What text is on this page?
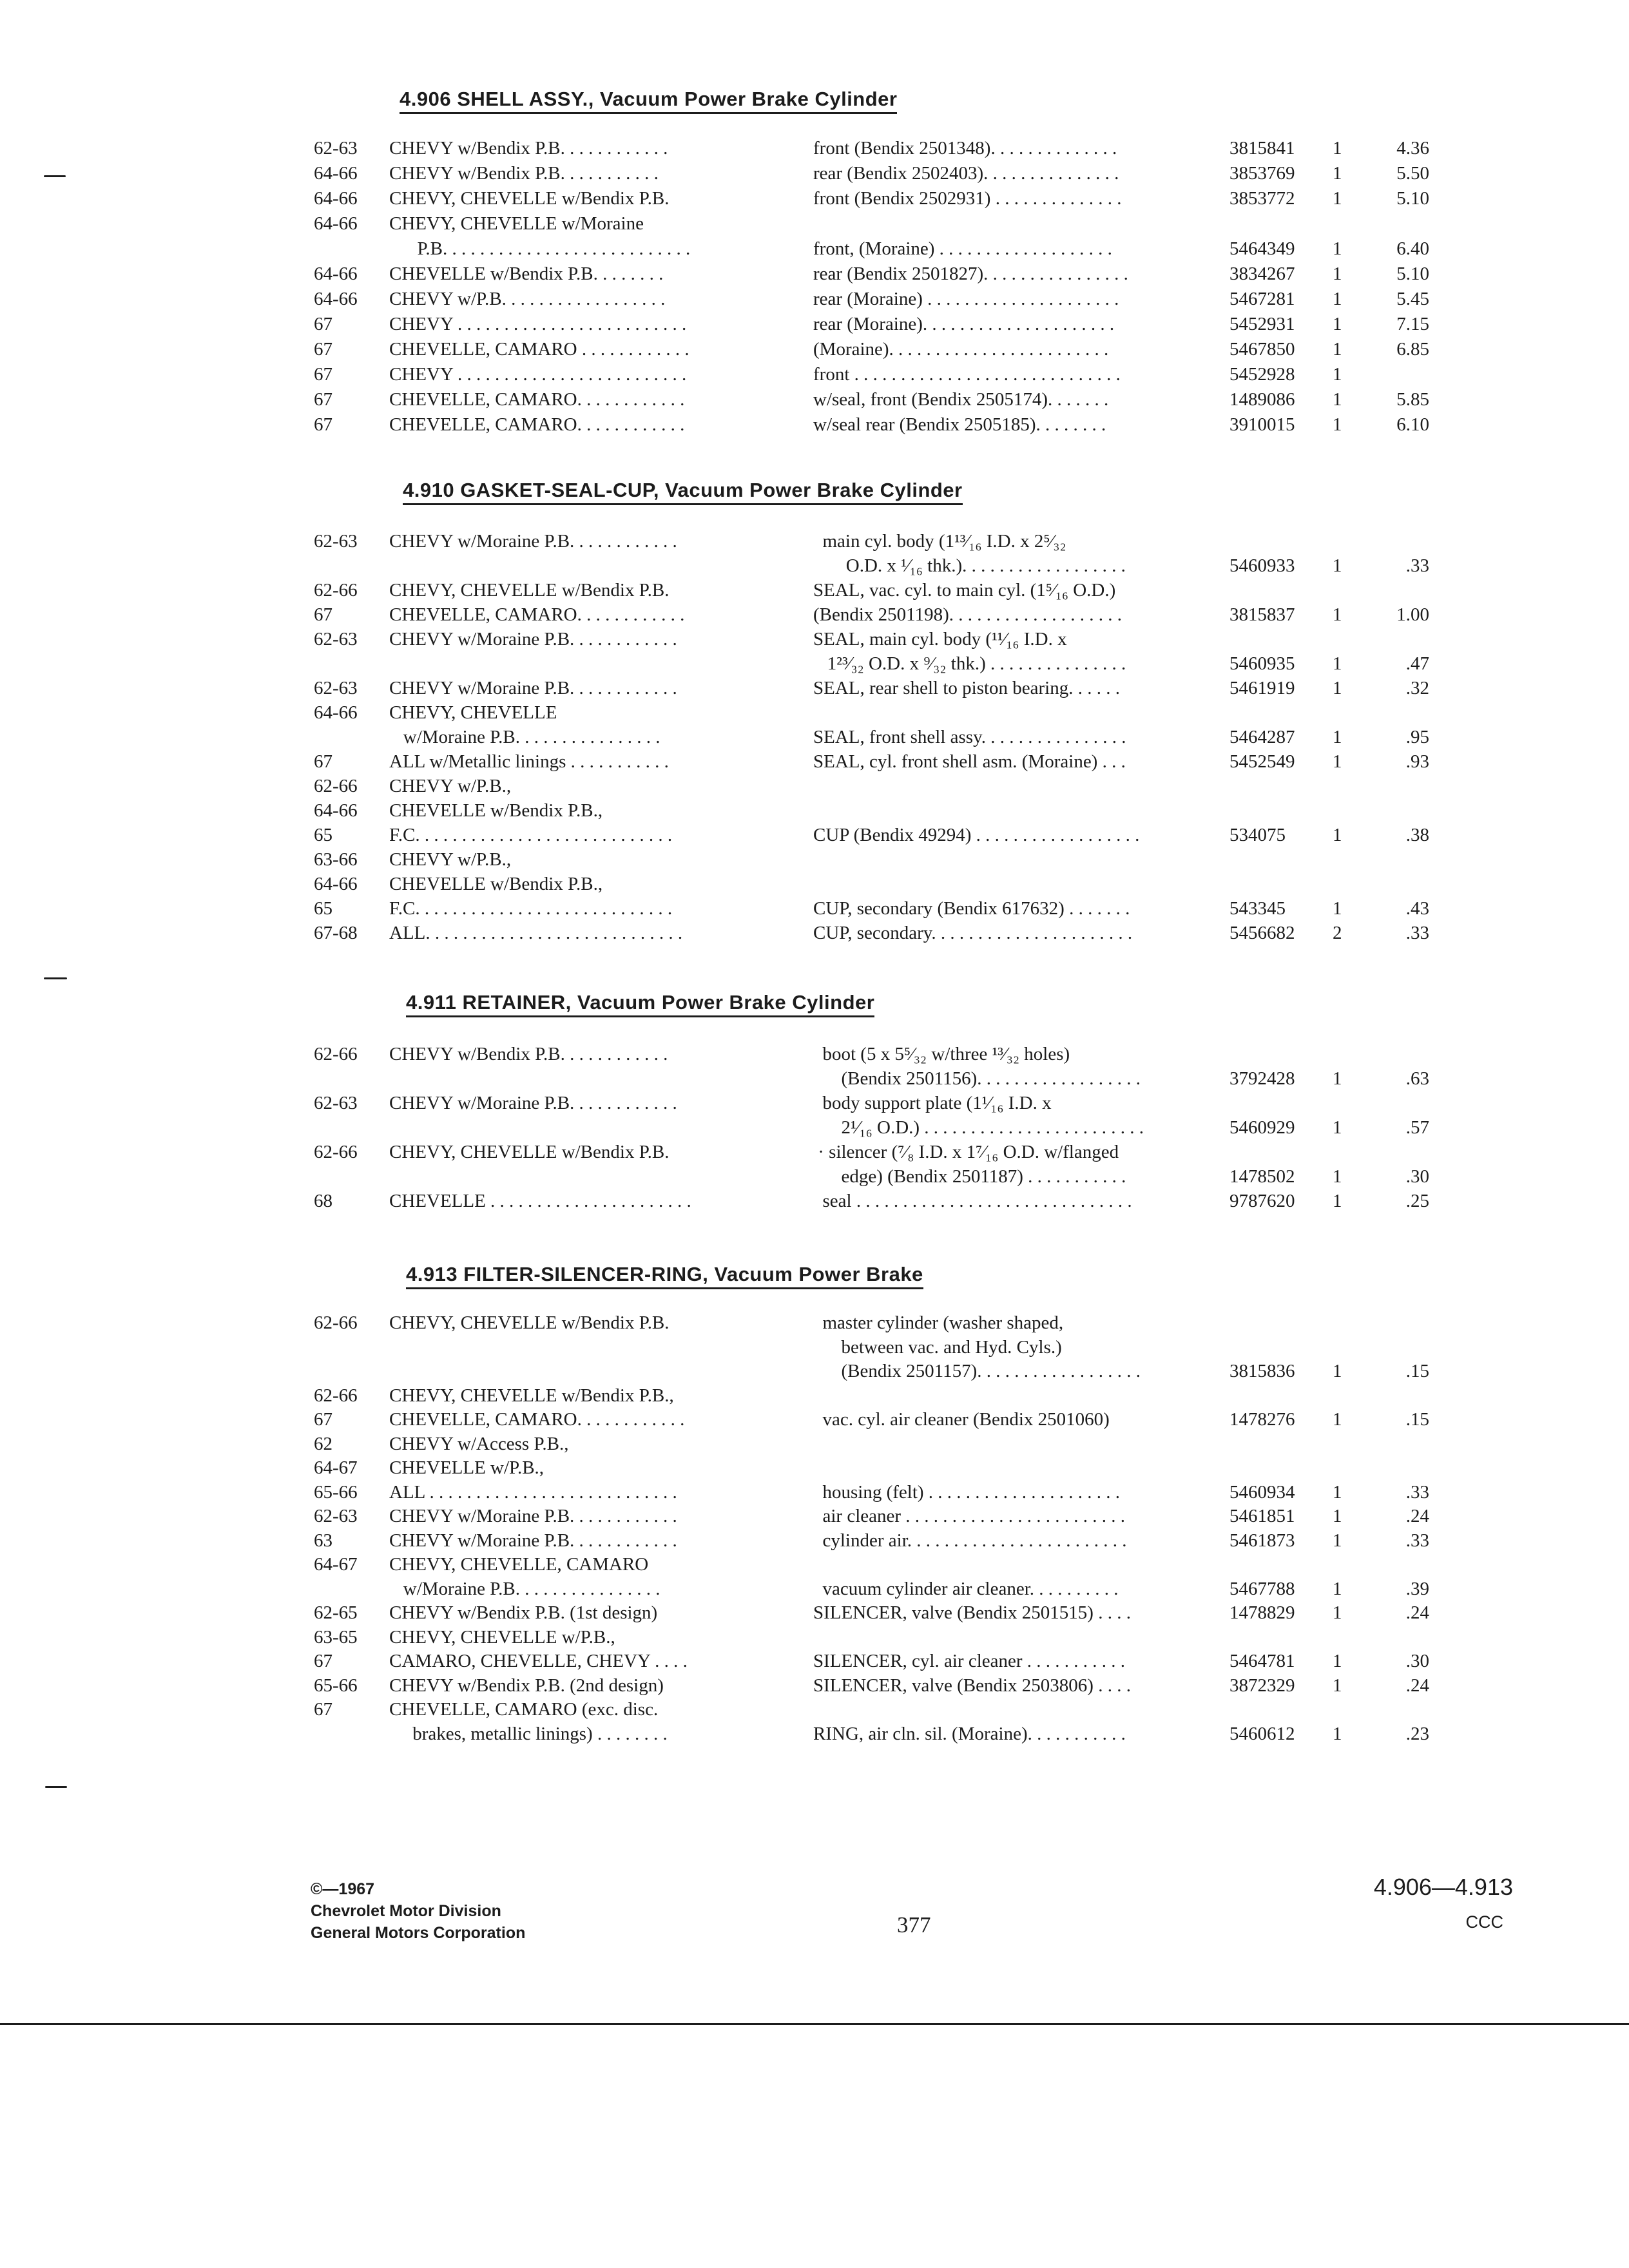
4.906 SHELL ASSY., Vacuum Power Brake Cylinder
4.910 GASKET-SEAL-CUP, Vacuum Power Brake Cylinder
4.911 RETAINER, Vacuum Power Brake Cylinder
4.913 FILTER-SILENCER-RING, Vacuum Power Brake
62-63 CHEVY w/Bendix P.B. . . . . . . . . . . .	front (Bendix 2501348). . . . . . . . . . . . . .	3815841 1	4.36
64-66 CHEVY w/Bendix P.B. . . . . . . . . . .	rear (Bendix 2502403). . . . . . . . . . . . . . .	3853769 1	5.50
64-66 CHEVY, CHEVELLE w/Bendix P.B.	front (Bendix 2502931) . . . . . . . . . . . . . .	3853772 1	5.10
64-66 CHEVY, CHEVELLE w/Moraine
P.B. . . . . . . . . . . . . . . . . . . . . . . . . . .	front, (Moraine) . . . . . . . . . . . . . . . . . . .	5464349 1	6.40
64-66 CHEVELLE w/Bendix P.B. . . . . . . .	rear (Bendix 2501827). . . . . . . . . . . . . . . .	3834267 1	5.10
64-66 CHEVY w/P.B. . . . . . . . . . . . . . . . . .	rear (Moraine) . . . . . . . . . . . . . . . . . . . . .	5467281 1	5.45
67	CHEVY . . . . . . . . . . . . . . . . . . . . . . . . .	rear (Moraine). . . . . . . . . . . . . . . . . . . . .	5452931 1	7.15
67	CHEVELLE, CAMARO . . . . . . . . . . . .	(Moraine). . . . . . . . . . . . . . . . . . . . . . . .	5467850 1	6.85
67	CHEVY . . . . . . . . . . . . . . . . . . . . . . . . .	front . . . . . . . . . . . . . . . . . . . . . . . . . . . . .	5452928 1
67	CHEVELLE, CAMARO. . . . . . . . . . . .	w/seal, front (Bendix 2505174). . . . . . .	1489086 1	5.85
67	CHEVELLE, CAMARO. . . . . . . . . . . .	w/seal rear (Bendix 2505185). . . . . . . .	3910015 1	6.10
62-63 CHEVY w/Moraine P.B. . . . . . . . . . . .	main cyl. body (1¹³⁄₁₆ I.D. x 2⁵⁄₃₂
O.D. x ¹⁄₁₆ thk.). . . . . . . . . . . . . . . . . .	5460933 1	.33
62-66 CHEVY, CHEVELLE w/Bendix P.B.	SEAL, vac. cyl. to main cyl. (1⁵⁄₁₆ O.D.)
67	CHEVELLE, CAMARO. . . . . . . . . . . .	(Bendix 2501198). . . . . . . . . . . . . . . . . . .	3815837 1	1.00
62-63 CHEVY w/Moraine P.B. . . . . . . . . . . .	SEAL, main cyl. body (¹¹⁄₁₆ I.D. x
1²³⁄₃₂ O.D. x ⁹⁄₃₂ thk.) . . . . . . . . . . . . . . .	5460935 1	.47
62-63 CHEVY w/Moraine P.B. . . . . . . . . . . .	SEAL, rear shell to piston bearing. . . . . .	5461919 1	.32
64-66 CHEVY, CHEVELLE
w/Moraine P.B. . . . . . . . . . . . . . . .	SEAL, front shell assy. . . . . . . . . . . . . . . .	5464287 1	.95
67	ALL w/Metallic linings . . . . . . . . . . .	SEAL, cyl. front shell asm. (Moraine) . . .	5452549 1	.93
62-66 CHEVY w/P.B.,
64-66 CHEVELLE w/Bendix P.B.,
65	F.C. . . . . . . . . . . . . . . . . . . . . . . . . . . .	CUP (Bendix 49294) . . . . . . . . . . . . . . . . . .	534075	1	.38
63-66 CHEVY w/P.B.,
64-66 CHEVELLE w/Bendix P.B.,
65	F.C. . . . . . . . . . . . . . . . . . . . . . . . . . . .	CUP, secondary (Bendix 617632) . . . . . . .	543345	1	.43
67-68 ALL. . . . . . . . . . . . . . . . . . . . . . . . . . . .	CUP, secondary. . . . . . . . . . . . . . . . . . . . . .	5456682 2	.33
62-66 CHEVY w/Bendix P.B. . . . . . . . . . . .	boot (5 x 5⁵⁄₃₂ w/three ¹³⁄₃₂ holes)
(Bendix 2501156). . . . . . . . . . . . . . . . . .	3792428 1	.63
62-63 CHEVY w/Moraine P.B. . . . . . . . . . . .	body support plate (1¹⁄₁₆ I.D. x
2¹⁄₁₆ O.D.) . . . . . . . . . . . . . . . . . . . . . . . .	5460929 1	.57
62-66 CHEVY, CHEVELLE w/Bendix P.B.	· silencer (⁷⁄₈ I.D. x 1⁷⁄₁₆ O.D. w/flanged
edge) (Bendix 2501187) . . . . . . . . . . .	1478502 1	.30
68	CHEVELLE . . . . . . . . . . . . . . . . . . . . . .	seal . . . . . . . . . . . . . . . . . . . . . . . . . . . . . .	9787620 1	.25
62-66 CHEVY, CHEVELLE w/Bendix P.B.	master cylinder (washer shaped,
between vac. and Hyd. Cyls.)
(Bendix 2501157). . . . . . . . . . . . . . . . . .	3815836 1	.15
62-66 CHEVY, CHEVELLE w/Bendix P.B.,
67	CHEVELLE, CAMARO. . . . . . . . . . . .	vac. cyl. air cleaner (Bendix 2501060)	1478276 1	.15
62	CHEVY w/Access P.B.,
64-67 CHEVELLE w/P.B.,
65-66 ALL . . . . . . . . . . . . . . . . . . . . . . . . . . .	housing (felt) . . . . . . . . . . . . . . . . . . . . .	5460934 1	.33
62-63 CHEVY w/Moraine P.B. . . . . . . . . . . .	air cleaner . . . . . . . . . . . . . . . . . . . . . . . .	5461851 1	.24
63	CHEVY w/Moraine P.B. . . . . . . . . . . .	cylinder air. . . . . . . . . . . . . . . . . . . . . . . .	5461873 1	.33
64-67 CHEVY, CHEVELLE, CAMARO
w/Moraine P.B. . . . . . . . . . . . . . . .	vacuum cylinder air cleaner. . . . . . . . . .	5467788 1	.39
62-65 CHEVY w/Bendix P.B. (1st design)	SILENCER, valve (Bendix 2501515) . . . .	1478829 1	.24
63-65 CHEVY, CHEVELLE w/P.B.,
67	CAMARO, CHEVELLE, CHEVY . . . .	SILENCER, cyl. air cleaner . . . . . . . . . . .	5464781 1	.30
65-66 CHEVY w/Bendix P.B. (2nd design)	SILENCER, valve (Bendix 2503806) . . . .	3872329 1	.24
67	CHEVELLE, CAMARO (exc. disc.
brakes, metallic linings) . . . . . . . .	RING, air cln. sil. (Moraine). . . . . . . . . . .	5460612 1	.23
©—1967
Chevrolet Motor Division
General Motors Corporation	377
4.906—4.913
CCC
